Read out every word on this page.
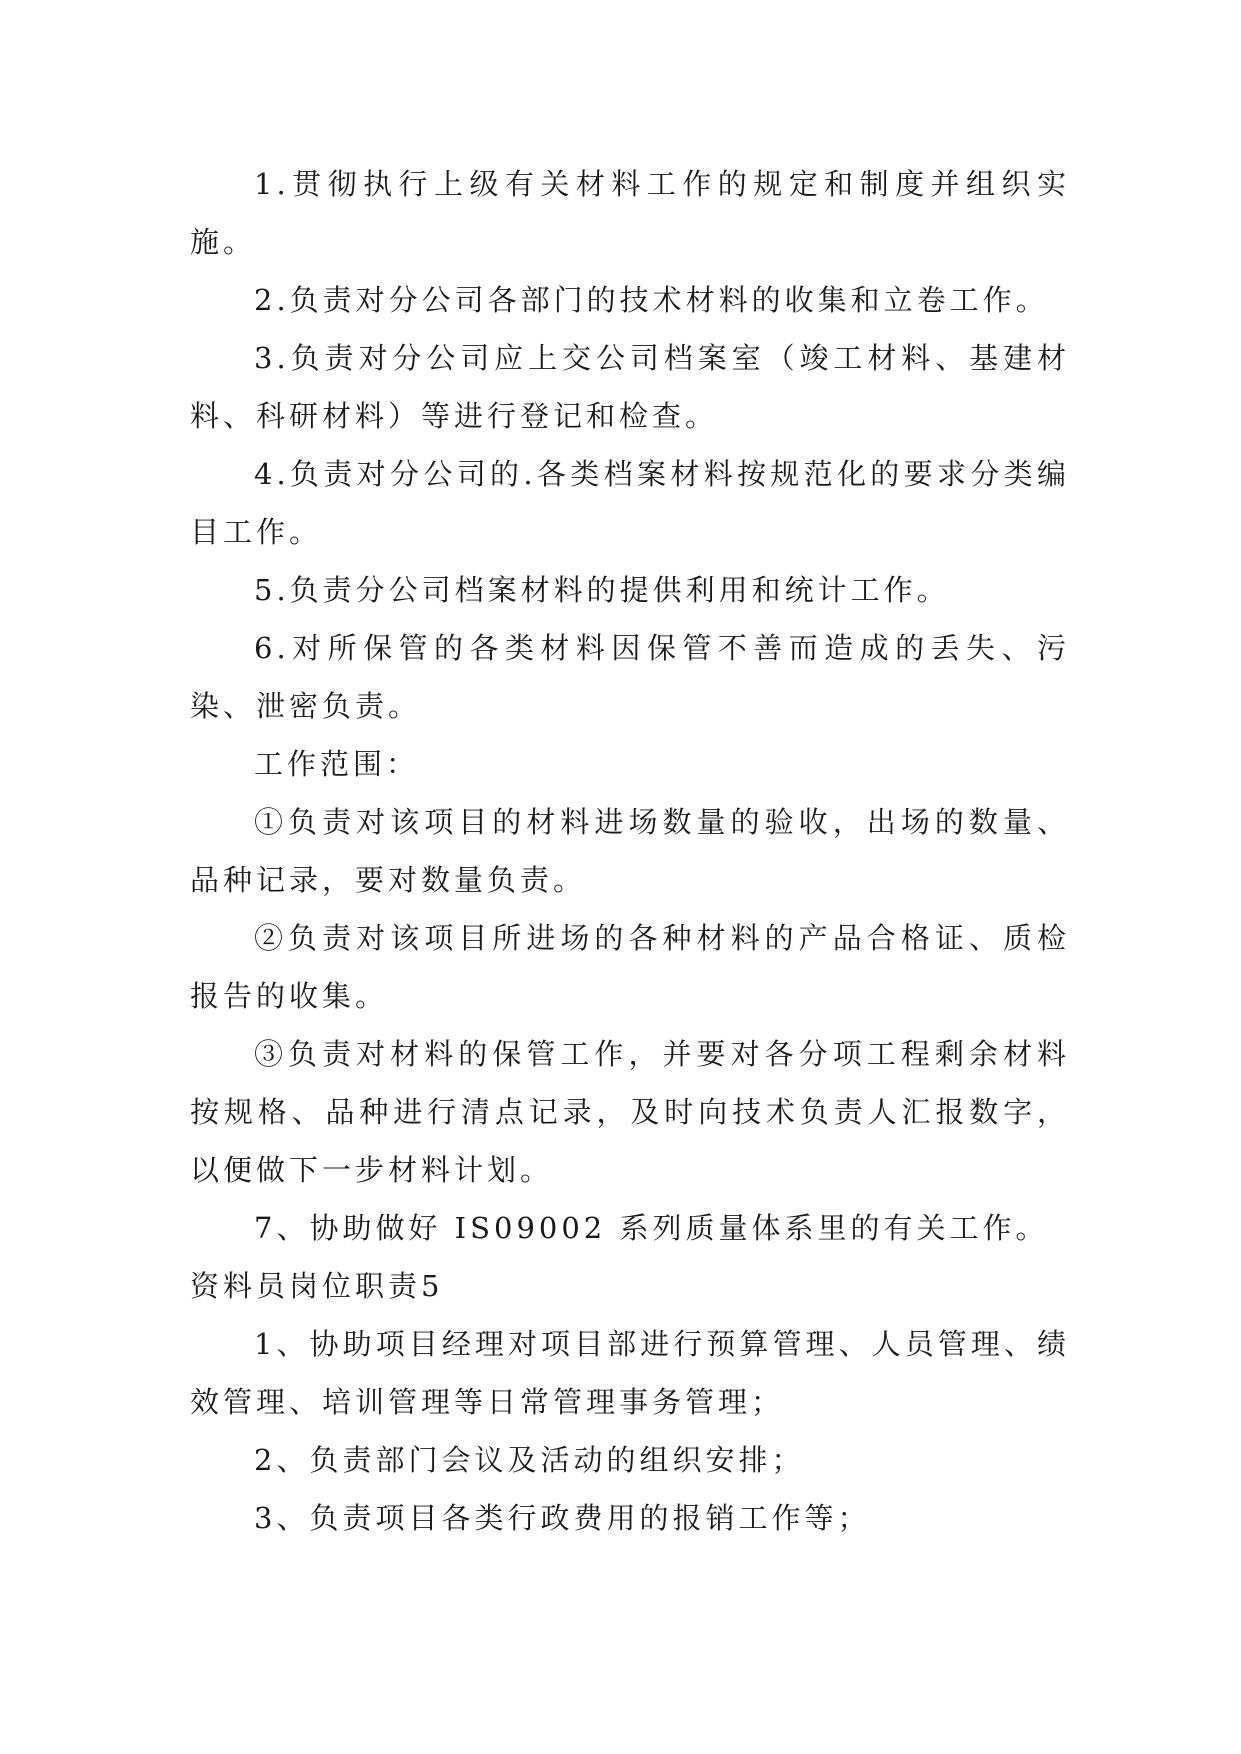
1.贯彻执行上级有关材料工作的规定和制度并组织实施。

2.负责对分公司各部门的技术材料的收集和立卷工作。

3.负责对分公司应上交公司档案室（竣工材料、基建材料、科研材料）等进行登记和检查。

4.负责对分公司的.各类档案材料按规范化的要求分类编目工作。

5.负责分公司档案材料的提供利用和统计工作。

6.对所保管的各类材料因保管不善而造成的丢失、污染、泄密负责。

工作范围：

①负责对该项目的材料进场数量的验收，出场的数量、品种记录，要对数量负责。

②负责对该项目所进场的各种材料的产品合格证、质检报告的收集。

③负责对材料的保管工作，并要对各分项工程剩余材料按规格、品种进行清点记录，及时向技术负责人汇报数字，以便做下一步材料计划。

7、协助做好 IS09002 系列质量体系里的有关工作。

资料员岗位职责5

1、协助项目经理对项目部进行预算管理、人员管理、绩效管理、培训管理等日常管理事务管理；

2、负责部门会议及活动的组织安排；

3、负责项目各类行政费用的报销工作等；
